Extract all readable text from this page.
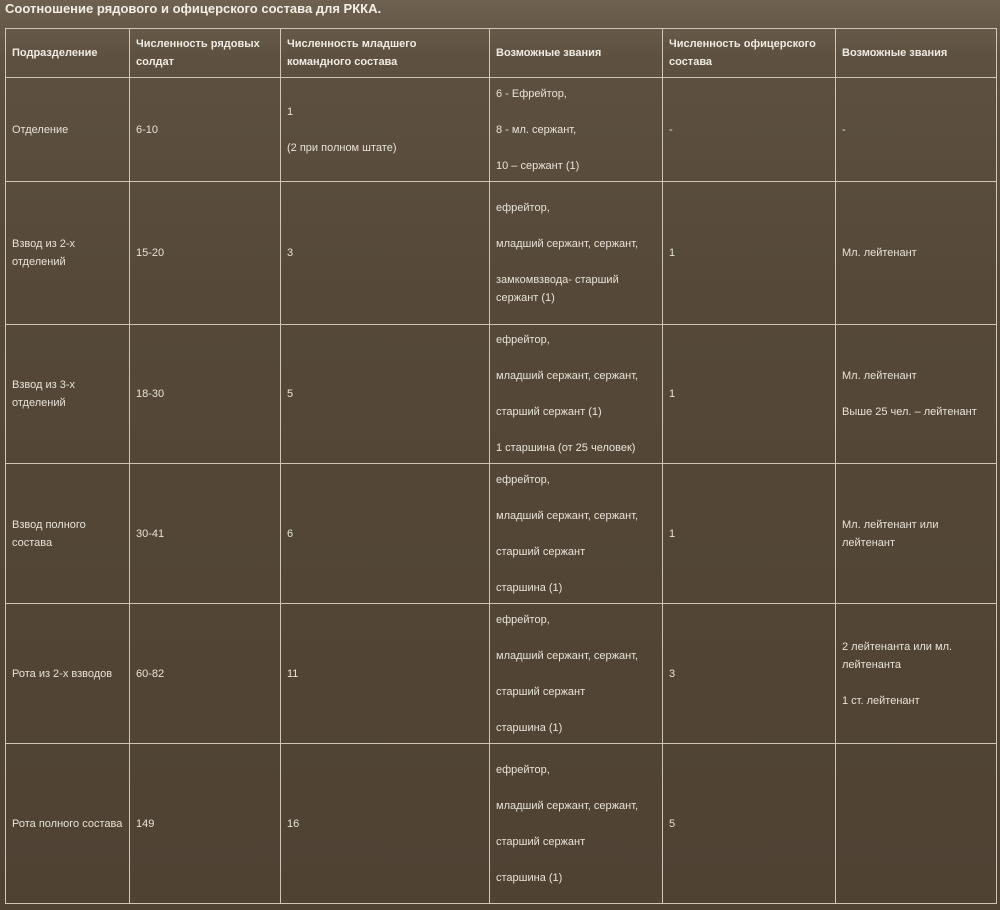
Соотношение рядового и офицерского состава для РККА.
Подразделение	Численность рядовых солдат	Численность младшего командного состава	Возможные звания	Численность офицерского состава	Возможные звания
Отделение	6-10	1
(2 при полном штате)	6 - Ефрейтор,
8 - мл. сержант,
10 – сержант (1)	-	-

Взвод из 2-х отделений	15-20	3	ефрейтор,
младший сержант, сержант,
замкомвзвода- старший сержант (1)	1	Мл. лейтенант

Взвод из 3-х отделений	18-30	5	ефрейтор,
младший сержант, сержант,
старший сержант (1)
1 старшина (от 25 человек)	1	Мл. лейтенант
Выше 25 чел. – лейтенант

Взвод полного состава	30-41	6	ефрейтор,
младший сержант, сержант,
старший сержант
старшина (1)	1	Мл. лейтенант или лейтенант

Рота из 2-х взводов	60-82	11	ефрейтор,
младший сержант, сержант,
старший сержант
старшина (1)	3	2 лейтенанта или мл. лейтенанта
1 ст. лейтенант

Рота полного состава	149	16	ефрейтор,
младший сержант, сержант,
старший сержант
старшина (1)	5	
